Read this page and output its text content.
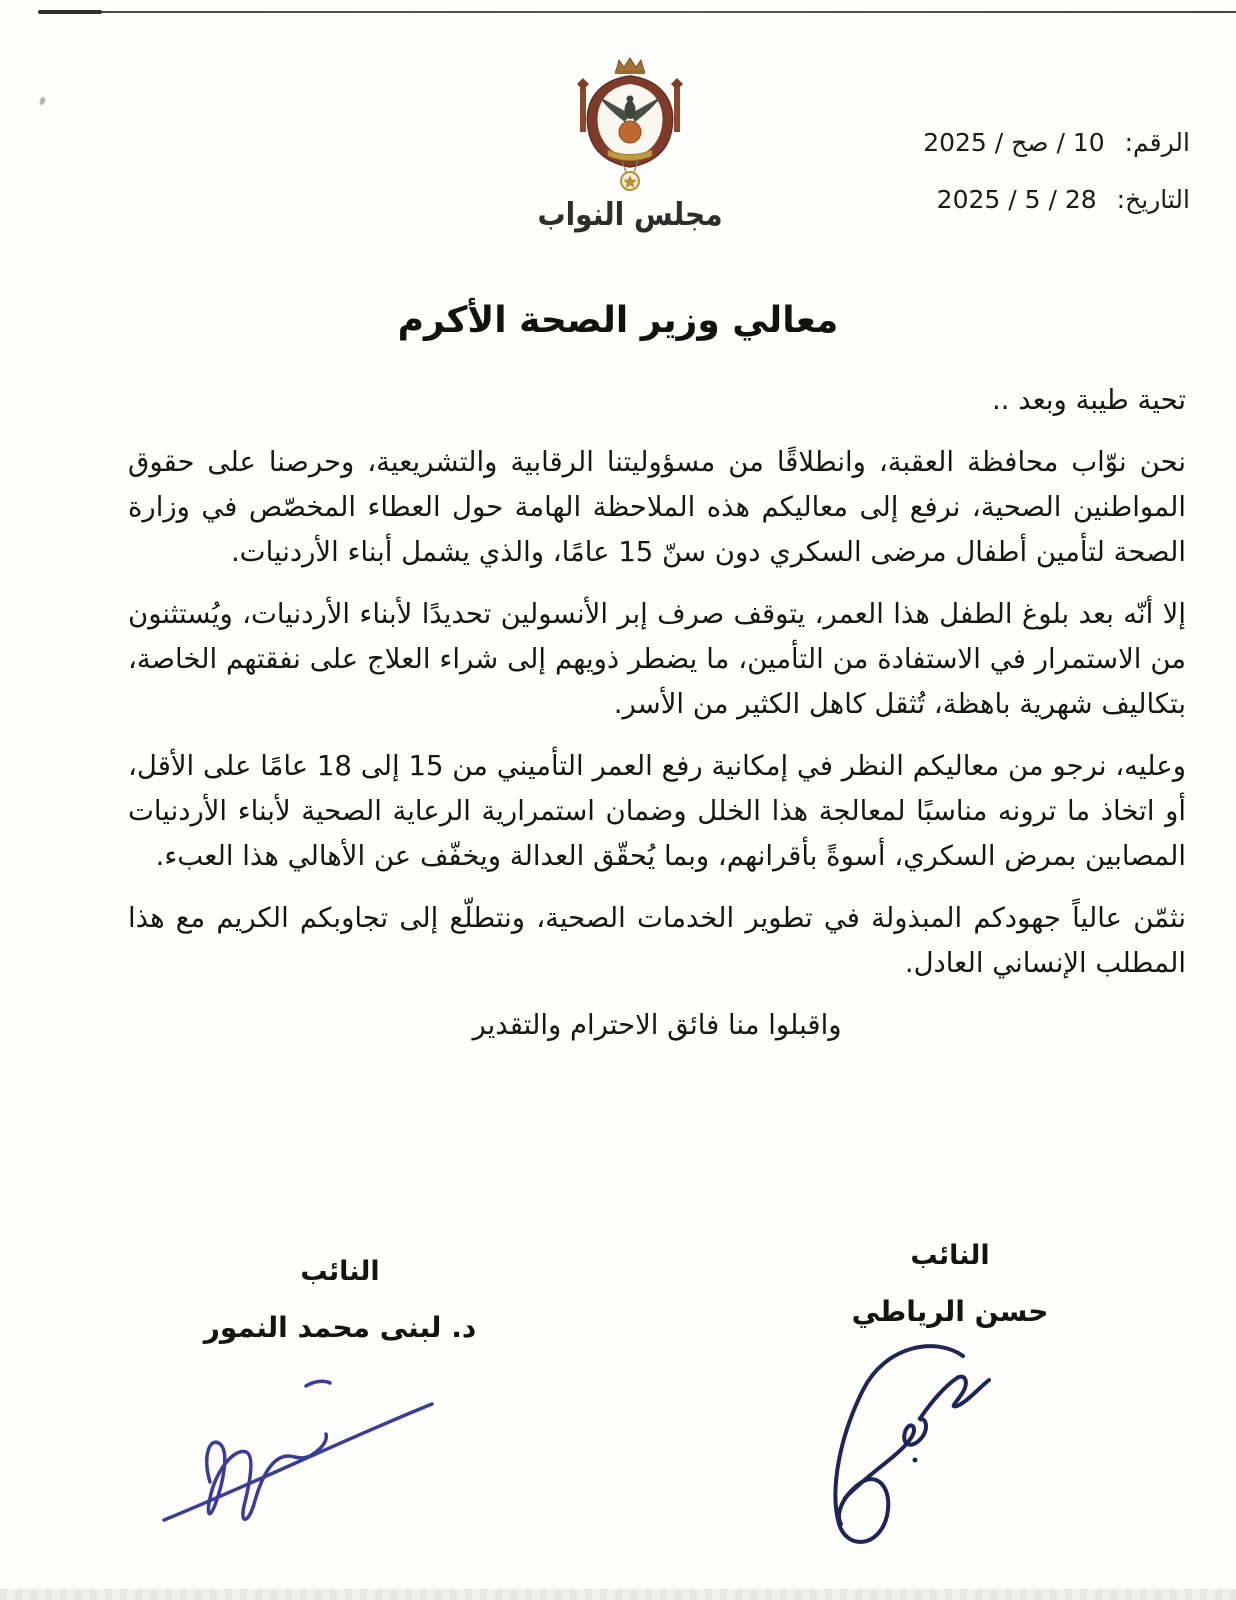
مجلس النواب
الرقم:10 / صح / 2025
التاريخ:28 / 5 / 2025
معالي وزير الصحة الأكرم

تحية طيبة وبعد ..

نحن نوّاب محافظة العقبة، وانطلاقًا من مسؤوليتنا الرقابية والتشريعية، وحرصنا على حقوق المواطنين الصحية، نرفع إلى معاليكم هذه الملاحظة الهامة حول العطاء المخصّص في وزارة الصحة لتأمين أطفال مرضى السكري دون سنّ 15 عامًا، والذي يشمل أبناء الأردنيات.

إلا أنّه بعد بلوغ الطفل هذا العمر، يتوقف صرف إبر الأنسولين تحديدًا لأبناء الأردنيات، ويُستثنون من الاستمرار في الاستفادة من التأمين، ما يضطر ذويهم إلى شراء العلاج على نفقتهم الخاصة، بتكاليف شهرية باهظة، تُثقل كاهل الكثير من الأسر.

وعليه، نرجو من معاليكم النظر في إمكانية رفع العمر التأميني من 15 إلى 18 عامًا على الأقل، أو اتخاذ ما ترونه مناسبًا لمعالجة هذا الخلل وضمان استمرارية الرعاية الصحية لأبناء الأردنيات المصابين بمرض السكري، أسوةً بأقرانهم، وبما يُحقّق العدالة ويخفّف عن الأهالي هذا العبء.

نثمّن عالياً جهودكم المبذولة في تطوير الخدمات الصحية، ونتطلّع إلى تجاوبكم الكريم مع هذا المطلب الإنساني العادل.

واقبلوا منا فائق الاحترام والتقدير

النائب
حسن الرياطي
النائب
د. لبنى محمد النمور
